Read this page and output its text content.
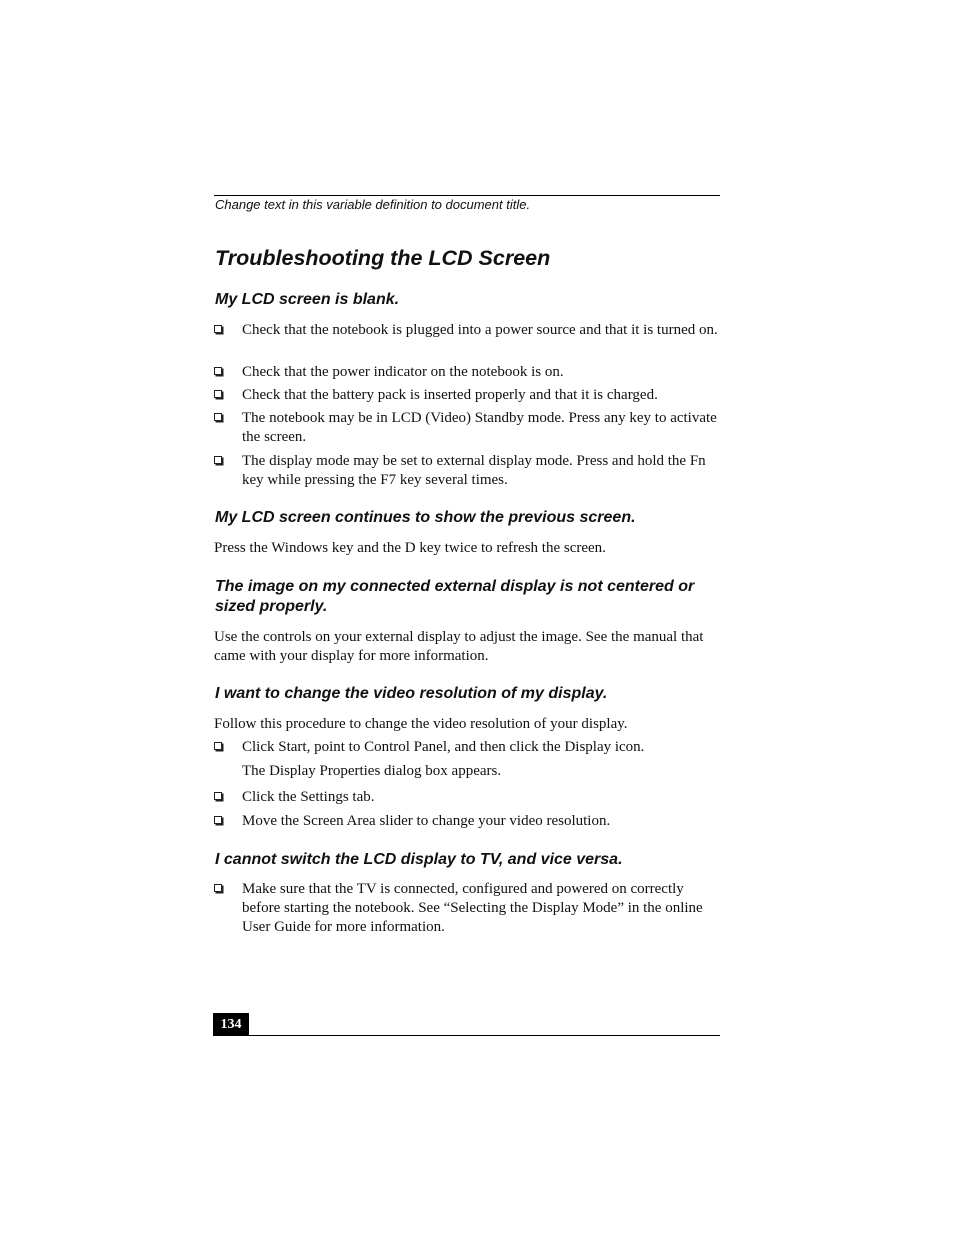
Change text in this variable definition to document title.
Troubleshooting the LCD Screen
My LCD screen is blank.
Check that the notebook is plugged into a power source and that it is turned on.
Check that the power indicator on the notebook is on.
Check that the battery pack is inserted properly and that it is charged.
The notebook may be in LCD (Video) Standby mode. Press any key to activate the screen.
The display mode may be set to external display mode. Press and hold the Fn key while pressing the F7 key several times.
My LCD screen continues to show the previous screen.

Press the Windows key and the D key twice to refresh the screen.

The image on my connected external display is not centered or sized properly.

Use the controls on your external display to adjust the image. See the manual that came with your display for more information.

I want to change the video resolution of my display.

Follow this procedure to change the video resolution of your display.

Click Start, point to Control Panel, and then click the Display icon.

The Display Properties dialog box appears.

Click the Settings tab.
Move the Screen Area slider to change your video resolution.
I cannot switch the LCD display to TV, and vice versa.
Make sure that the TV is connected, configured and powered on correctly before starting the notebook. See “Selecting the Display Mode” in the online User Guide for more information.
134
